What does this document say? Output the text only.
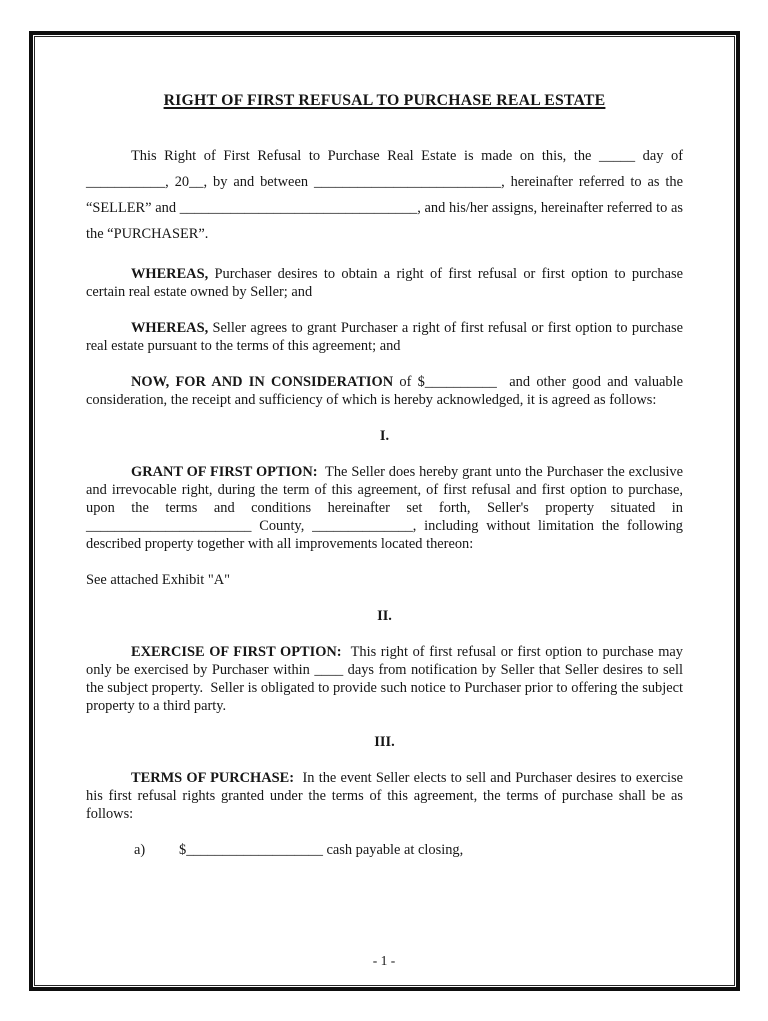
RIGHT OF FIRST REFUSAL TO PURCHASE REAL ESTATE

This Right of First Refusal to Purchase Real Estate is made on this, the _____ day of ___________, 20__, by and between __________________________, hereinafter referred to as the “SELLER” and _________________________________, and his/her assigns, hereinafter referred to as the “PURCHASER”.

WHEREAS, Purchaser desires to obtain a right of first refusal or first option to purchase certain real estate owned by Seller; and

WHEREAS, Seller agrees to grant Purchaser a right of first refusal or first option to purchase real estate pursuant to the terms of this agreement; and

NOW, FOR AND IN CONSIDERATION of $__________  and other good and valuable consideration, the receipt and sufficiency of which is hereby acknowledged, it is agreed as follows:

I.

GRANT OF FIRST OPTION:  The Seller does hereby grant unto the Purchaser the exclusive and irrevocable right, during the term of this agreement, of first refusal and first option to purchase, upon the terms and conditions hereinafter set forth, Seller's property situated in _______________________ County, ______________, including without limitation the following described property together with all improvements located thereon:

See attached Exhibit "A"

II.

EXERCISE OF FIRST OPTION:  This right of first refusal or first option to purchase may only be exercised by Purchaser within ____ days from notification by Seller that Seller desires to sell the subject property.  Seller is obligated to provide such notice to Purchaser prior to offering the subject property to a third party.

III.

TERMS OF PURCHASE:  In the event Seller elects to sell and Purchaser desires to exercise his first refusal rights granted under the terms of this agreement, the terms of purchase shall be as follows:

a) $___________________ cash payable at closing,
- 1 -
